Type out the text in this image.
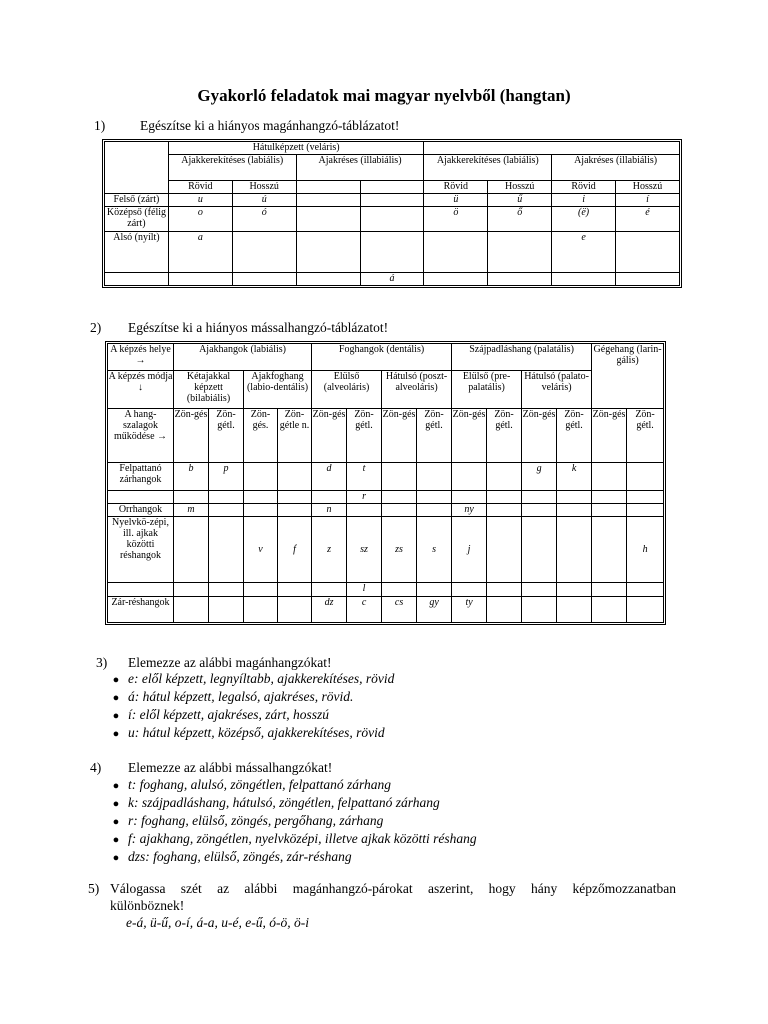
Gyakorló feladatok mai magyar nyelvből (hangtan)
1)	Egészítse ki a hiányos magánhangzó-táblázatot!
	Hátulképzett (veláris)							
	Ajakkerekítéses (labiális)		Ajakréses (illabiális)		Ajakkerekítéses (labiális)		Ajakréses (illabiális)	
	Rövid	Hosszú			Rövid	Hosszú	Rövid	Hosszú
Felső (zárt)	u	ú			ü	ű	i	í
Középső (félig zárt)	o	ó			ö	ő	(ë)	é
Alsó (nyílt)	a						e	
				á				
2) Egészítse ki a hiányos mássalhangzó-táblázatot!
A képzés helye →	Ajakhangok (labiális)				Foghangok (dentális)				Szájpadláshang (palatális)				Gégehang (larin-gális)	
A képzés módja ↓	Kétajakkal képzett (bilabiális)		Ajakfoghang (labio-dentális)		Elülső (alveoláris)		Hátulsó (poszt-alveoláris)		Elülső (pre-palatális)		Hátulsó (palato-veláris)			
A hang-szalagok működése →	Zön-gés	Zön-gétl.	Zön-gés.	Zön-gétle n.	Zön-gés	Zön-gétl.	Zön-gés	Zön-gétl.	Zön-gés	Zön-gétl.	Zön-gés	Zön-gétl.	Zön-gés	Zön-gétl.
Felpattanó zárhangok	b	p			d	t					g	k		
						r								
Orrhangok	m				n				ny					
Nyelvkö-zépi, ill. ajkak közötti réshangok			v	f	z	sz	zs	s	j					h
						l								
Zár-réshangok					dz	c	cs	gy	ty					
3) Elemezze az alábbi magánhangzókat!
● e: elől képzett, legnyíltabb, ajakkerekítéses, rövid
● á: hátul képzett, legalsó, ajakréses, rövid.
● í: elől képzett, ajakréses, zárt, hosszú
● u: hátul képzett, középső, ajakkerekítéses, rövid
4) Elemezze az alábbi mássalhangzókat!
● t: foghang, alulsó, zöngétlen, felpattanó zárhang
● k: szájpadláshang, hátulsó, zöngétlen, felpattanó zárhang
● r: foghang, elülső, zöngés, pergőhang, zárhang
● f: ajakhang, zöngétlen, nyelvközépi, illetve ajkak közötti réshang
● dzs: foghang, elülső, zöngés, zár-réshang
5) Válogassa szét az alábbi magánhangzó-párokat aszerint, hogy hány képzőmozzanatban
különböznek!
e-á, ü-ű, o-í, á-a, u-é, e-ű, ó-ö, ö-i
